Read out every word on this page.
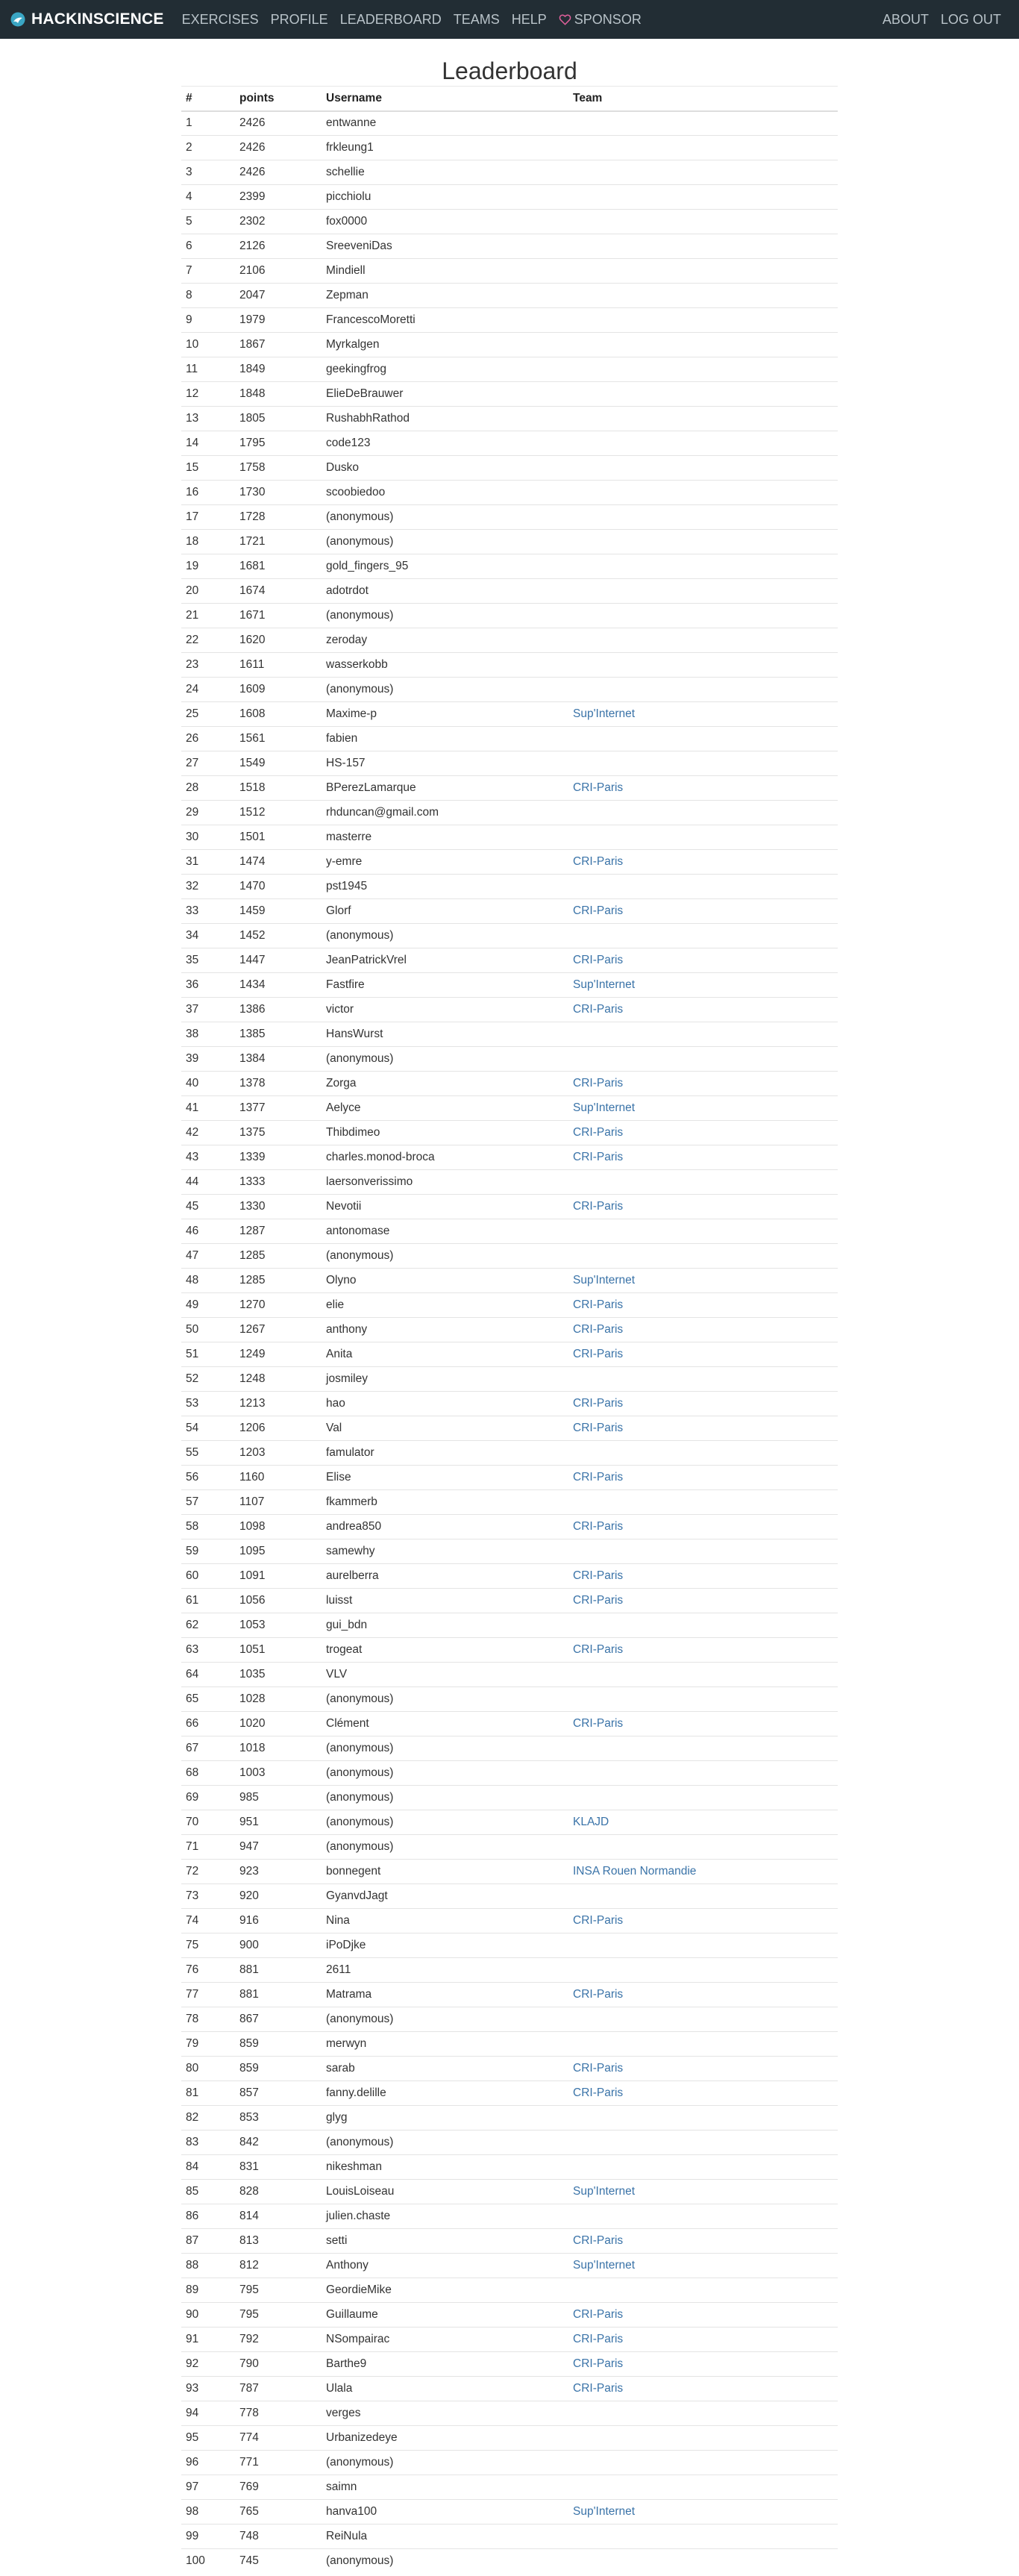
HACKINSCIENCE EXERCISES PROFILE LEADERBOARD TEAMS HELP SPONSOR	ABOUT LOG OUT
Leaderboard
#	points	Username	Team
1	2426	entwanne	
2	2426	frkleung1	
3	2426	schellie	
4	2399	picchiolu	
5	2302	fox0000	
6	2126	SreeveniDas	
7	2106	Mindiell	
8	2047	Zepman	
9	1979	FrancescoMoretti	
10	1867	Myrkalgen	
11	1849	geekingfrog	
12	1848	ElieDeBrauwer	
13	1805	RushabhRathod	
14	1795	code123	
15	1758	Dusko	
16	1730	scoobiedoo	
17	1728	(anonymous)	
18	1721	(anonymous)	
19	1681	gold_fingers_95	
20	1674	adotrdot	
21	1671	(anonymous)	
22	1620	zeroday	
23	1611	wasserkobb	
24	1609	(anonymous)	
25	1608	Maxime-p	Sup'Internet
26	1561	fabien	
27	1549	HS-157	
28	1518	BPerezLamarque	CRI-Paris
29	1512	rhduncan@gmail.com	
30	1501	masterre	
31	1474	y-emre	CRI-Paris
32	1470	pst1945	
33	1459	Glorf	CRI-Paris
34	1452	(anonymous)	
35	1447	JeanPatrickVrel	CRI-Paris
36	1434	Fastfire	Sup'Internet
37	1386	victor	CRI-Paris
38	1385	HansWurst	
39	1384	(anonymous)	
40	1378	Zorga	CRI-Paris
41	1377	Aelyce	Sup'Internet
42	1375	Thibdimeo	CRI-Paris
43	1339	charles.monod-broca	CRI-Paris
44	1333	laersonverissimo	
45	1330	Nevotii	CRI-Paris
46	1287	antonomase	
47	1285	(anonymous)	
48	1285	Olyno	Sup'Internet
49	1270	elie	CRI-Paris
50	1267	anthony	CRI-Paris
51	1249	Anita	CRI-Paris
52	1248	josmiley	
53	1213	hao	CRI-Paris
54	1206	Val	CRI-Paris
55	1203	famulator	
56	1160	Elise	CRI-Paris
57	1107	fkammerb	
58	1098	andrea850	CRI-Paris
59	1095	samewhy	
60	1091	aurelberra	CRI-Paris
61	1056	luisst	CRI-Paris
62	1053	gui_bdn	
63	1051	trogeat	CRI-Paris
64	1035	VLV	
65	1028	(anonymous)	
66	1020	Clément	CRI-Paris
67	1018	(anonymous)	
68	1003	(anonymous)	
69	985	(anonymous)	
70	951	(anonymous)	KLAJD
71	947	(anonymous)	
72	923	bonnegent	INSA Rouen Normandie
73	920	GyanvdJagt	
74	916	Nina	CRI-Paris
75	900	iPoDjke	
76	881	2611	
77	881	Matrama	CRI-Paris
78	867	(anonymous)	
79	859	merwyn	
80	859	sarab	CRI-Paris
81	857	fanny.delille	CRI-Paris
82	853	glyg	
83	842	(anonymous)	
84	831	nikeshman	
85	828	LouisLoiseau	Sup'Internet
86	814	julien.chaste	
87	813	setti	CRI-Paris
88	812	Anthony	Sup'Internet
89	795	GeordieMike	
90	795	Guillaume	CRI-Paris
91	792	NSompairac	CRI-Paris
92	790	Barthe9	CRI-Paris
93	787	Ulala	CRI-Paris
94	778	verges	
95	774	Urbanizedeye	
96	771	(anonymous)	
97	769	saimn	
98	765	hanva100	Sup'Internet
99	748	ReiNula	
100	745	(anonymous)	
